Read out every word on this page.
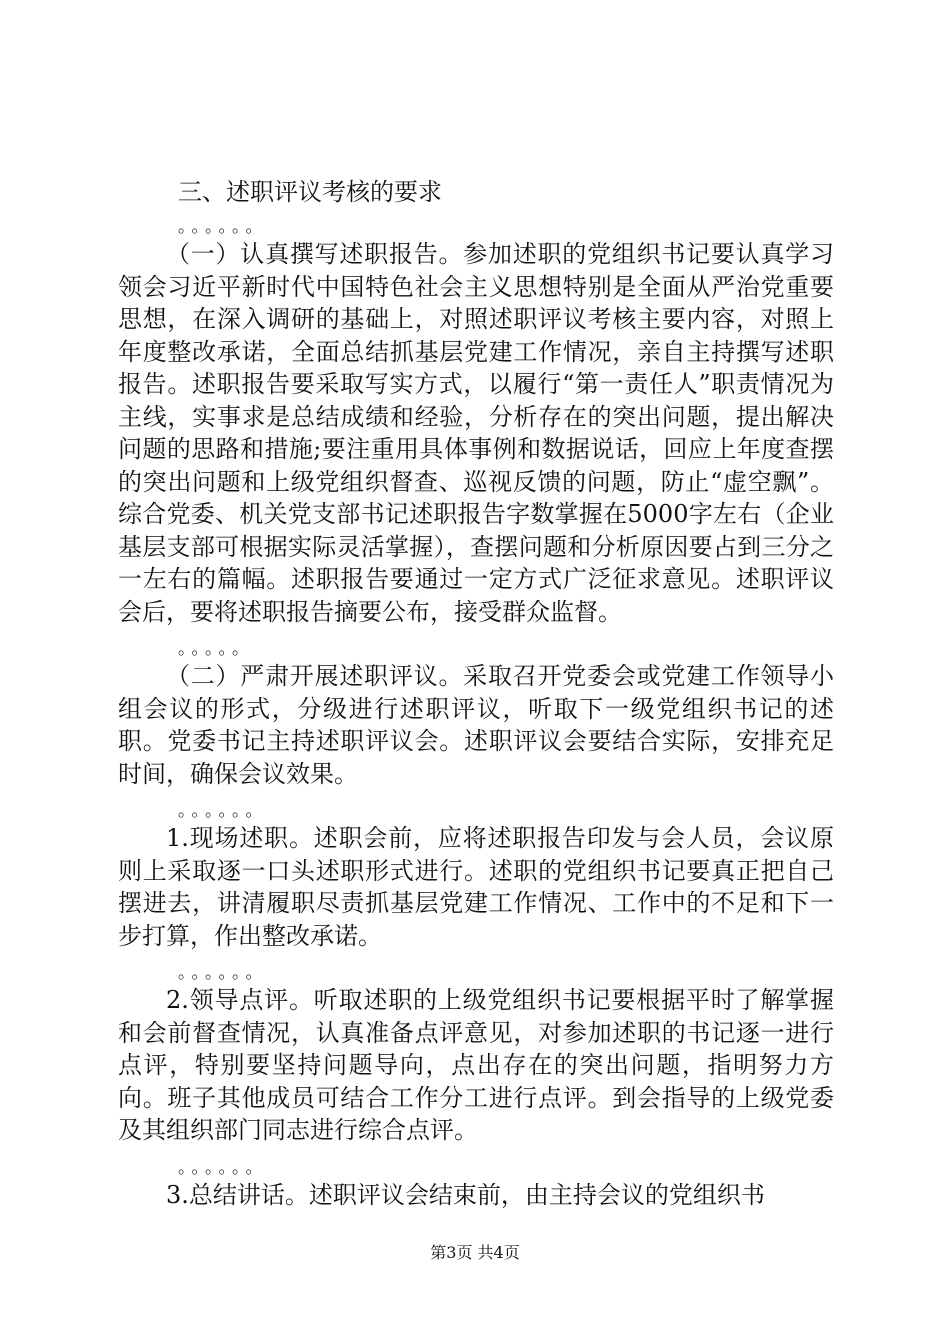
三、述职评议考核的要求

。。。。。。

（一）认真撰写述职报告。参加述职的党组织书记要认真学习领会习近平新时代中国特色社会主义思想特别是全面从严治党重要思想，在深入调研的基础上，对照述职评议考核主要内容，对照上年度整改承诺，全面总结抓基层党建工作情况，亲自主持撰写述职报告。述职报告要采取写实方式，以履行“第一责任人”职责情况为主线，实事求是总结成绩和经验，分析存在的突出问题，提出解决问题的思路和措施;要注重用具体事例和数据说话，回应上年度查摆的突出问题和上级党组织督查、巡视反馈的问题，防止“虚空飘”。综合党委、机关党支部书记述职报告字数掌握在5000字左右（企业基层支部可根据实际灵活掌握），查摆问题和分析原因要占到三分之一左右的篇幅。述职报告要通过一定方式广泛征求意见。述职评议会后，要将述职报告摘要公布，接受群众监督。

。。。。。

（二）严肃开展述职评议。采取召开党委会或党建工作领导小组会议的形式，分级进行述职评议，听取下一级党组织书记的述职。党委书记主持述职评议会。述职评议会要结合实际，安排充足时间，确保会议效果。

。。。。。。

1.现场述职。述职会前，应将述职报告印发与会人员，会议原则上采取逐一口头述职形式进行。述职的党组织书记要真正把自己摆进去，讲清履职尽责抓基层党建工作情况、工作中的不足和下一步打算，作出整改承诺。

。。。。。。

2.领导点评。听取述职的上级党组织书记要根据平时了解掌握和会前督查情况，认真准备点评意见，对参加述职的书记逐一进行点评，特别要坚持问题导向，点出存在的突出问题，指明努力方向。班子其他成员可结合工作分工进行点评。到会指导的上级党委及其组织部门同志进行综合点评。

。。。。。。

3.总结讲话。述职评议会结束前，由主持会议的党组织书

第3页 共4页
